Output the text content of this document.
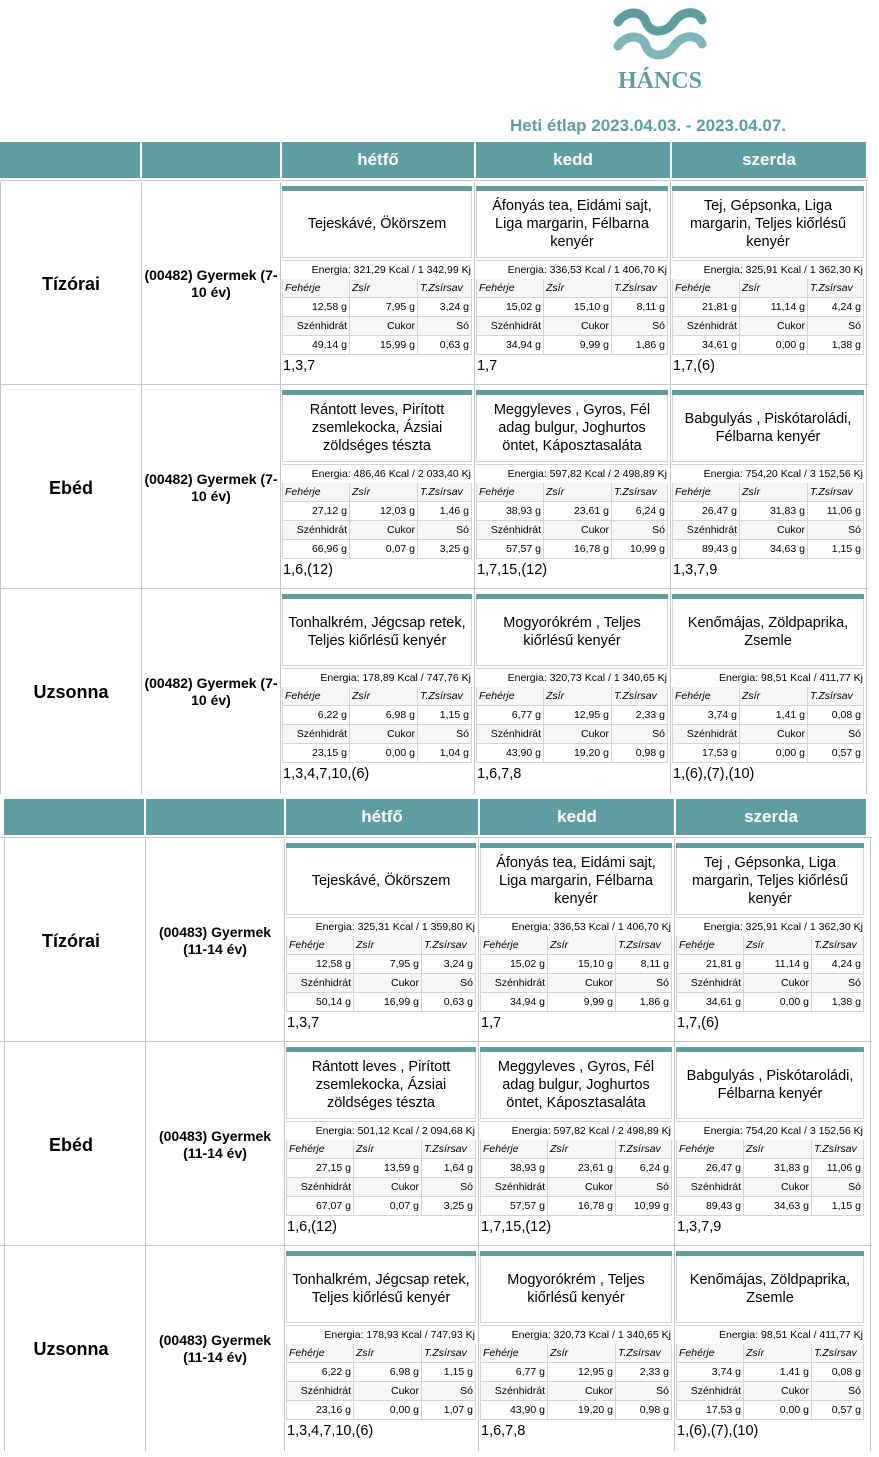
HÁNCS
Heti étlap 2023.04.03. - 2023.04.07.
hétfő	kedd	szerda
Tízórai	(00482) Gyermek (7-10 év)
Tejeskávé, Ökörszem
Energia:
321,29 Kcal / 1 342,99 Kj
Fehérje	Zsír	T.Zsírsav
12,58 g	7,95 g	3,24 g
Szénhidrát	Cukor	Só
49,14 g	15,99 g	0,63 g
1,3,7
Áfonyás tea, Eidámi sajt, Liga margarin, Félbarna kenyér
Energia:
336,53 Kcal / 1 406,70 Kj
Fehérje	Zsír	T.Zsírsav
15,02 g	15,10 g	8,11 g
Szénhidrát	Cukor	Só
34,94 g	9,99 g	1,86 g
1,7
Tej, Gépsonka, Liga margarin, Teljes kiőrlésű kenyér
Energia:
325,91 Kcal / 1 362,30 Kj
Fehérje	Zsír	T.Zsírsav
21,81 g	11,14 g	4,24 g
Szénhidrát	Cukor	Só
34,61 g	0,00 g	1,38 g
1,7,(6)
Ebéd	(00482) Gyermek (7-10 év)
Rántott leves, Pirított zsemlekocka, Ázsiai zöldséges tészta
Energia:
486,46 Kcal / 2 033,40 Kj
Fehérje	Zsír	T.Zsírsav
27,12 g	12,03 g	1,46 g
Szénhidrát	Cukor	Só
66,96 g	0,07 g	3,25 g
1,6,(12)
Meggyleves , Gyros, Fél adag bulgur, Joghurtos öntet, Káposztasaláta
Energia:
597,82 Kcal / 2 498,89 Kj
Fehérje	Zsír	T.Zsírsav
38,93 g	23,61 g	6,24 g
Szénhidrát	Cukor	Só
57,57 g	16,78 g	10,99 g
1,7,15,(12)
Babgulyás , Piskótaroládi, Félbarna kenyér
Energia:
754,20 Kcal / 3 152,56 Kj
Fehérje	Zsír	T.Zsírsav
26,47 g	31,83 g	11,06 g
Szénhidrát	Cukor	Só
89,43 g	34,63 g	1,15 g
1,3,7,9
Uzsonna	(00482) Gyermek (7-10 év)
Tonhalkrém, Jégcsap retek, Teljes kiőrlésű kenyér
Energia:
178,89 Kcal / 747,76 Kj
Fehérje	Zsír	T.Zsírsav
6,22 g	6,98 g	1,15 g
Szénhidrát	Cukor	Só
23,15 g	0,00 g	1,04 g
1,3,4,7,10,(6)
Mogyorókrém , Teljes kiőrlésű kenyér
Energia:
320,73 Kcal / 1 340,65 Kj
Fehérje	Zsír	T.Zsírsav
6,77 g	12,95 g	2,33 g
Szénhidrát	Cukor	Só
43,90 g	19,20 g	0,98 g
1,6,7,8
Kenőmájas, Zöldpaprika, Zsemle
Energia:
98,51 Kcal / 411,77 Kj
Fehérje	Zsír	T.Zsírsav
3,74 g	1,41 g	0,08 g
Szénhidrát	Cukor	Só
17,53 g	0,00 g	0,57 g
1,(6),(7),(10)
hétfő	kedd	szerda
Tízórai	(00483) Gyermek (11-14 év)
Tejeskávé, Ökörszem
Energia:
325,31 Kcal / 1 359,80 Kj
Fehérje	Zsír	T.Zsírsav
12,58 g	7,95 g	3,24 g
Szénhidrát	Cukor	Só
50,14 g	16,99 g	0,63 g
1,3,7
Áfonyás tea, Eidámi sajt, Liga margarin, Félbarna kenyér
Energia:
336,53 Kcal / 1 406,70 Kj
Fehérje	Zsír	T.Zsírsav
15,02 g	15,10 g	8,11 g
Szénhidrát	Cukor	Só
34,94 g	9,99 g	1,86 g
1,7
Tej , Gépsonka, Liga margarin, Teljes kiőrlésű kenyér
Energia:
325,91 Kcal / 1 362,30 Kj
Fehérje	Zsír	T.Zsírsav
21,81 g	11,14 g	4,24 g
Szénhidrát	Cukor	Só
34,61 g	0,00 g	1,38 g
1,7,(6)
Ebéd	(00483) Gyermek (11-14 év)
Rántott leves , Pirított zsemlekocka, Ázsiai zöldséges tészta
Energia:
501,12 Kcal / 2 094,68 Kj
Fehérje	Zsír	T.Zsírsav
27,15 g	13,59 g	1,64 g
Szénhidrát	Cukor	Só
67,07 g	0,07 g	3,25 g
1,6,(12)
Meggyleves , Gyros, Fél adag bulgur, Joghurtos öntet, Káposztasaláta
Energia:
597,82 Kcal / 2 498,89 Kj
Fehérje	Zsír	T.Zsírsav
38,93 g	23,61 g	6,24 g
Szénhidrát	Cukor	Só
57,57 g	16,78 g	10,99 g
1,7,15,(12)
Babgulyás , Piskótaroládi, Félbarna kenyér
Energia:
754,20 Kcal / 3 152,56 Kj
Fehérje	Zsír	T.Zsírsav
26,47 g	31,83 g	11,06 g
Szénhidrát	Cukor	Só
89,43 g	34,63 g	1,15 g
1,3,7,9
Uzsonna	(00483) Gyermek (11-14 év)
Tonhalkrém, Jégcsap retek, Teljes kiőrlésű kenyér
Energia:
178,93 Kcal / 747,93 Kj
Fehérje	Zsír	T.Zsírsav
6,22 g	6,98 g	1,15 g
Szénhidrát	Cukor	Só
23,16 g	0,00 g	1,07 g
1,3,4,7,10,(6)
Mogyorókrém , Teljes kiőrlésű kenyér
Energia:
320,73 Kcal / 1 340,65 Kj
Fehérje	Zsír	T.Zsírsav
6,77 g	12,95 g	2,33 g
Szénhidrát	Cukor	Só
43,90 g	19,20 g	0,98 g
1,6,7,8
Kenőmájas, Zöldpaprika, Zsemle
Energia:
98,51 Kcal / 411,77 Kj
Fehérje	Zsír	T.Zsírsav
3,74 g	1,41 g	0,08 g
Szénhidrát	Cukor	Só
17,53 g	0,00 g	0,57 g
1,(6),(7),(10)
